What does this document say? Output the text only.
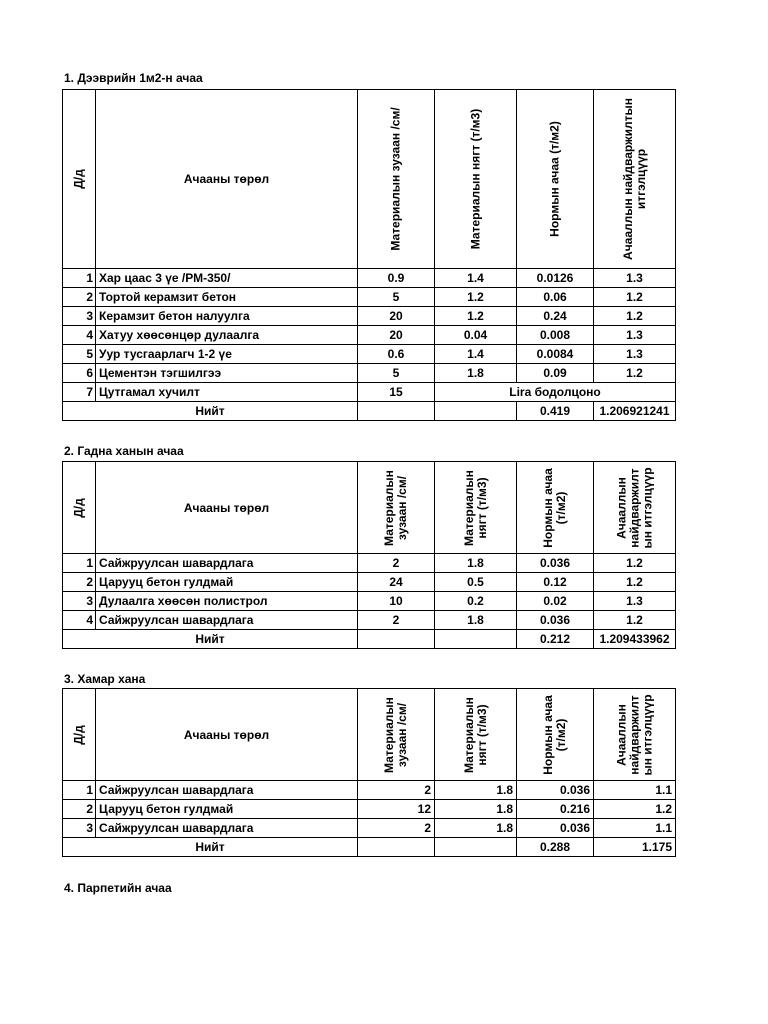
1. Дээврийн 1м2-н ачаа
Д/д	Ачааны төрөл	Материалын зузаан /см/	Материалын нягт (т/м3)	Нормын ачаа (т/м2)	Ачааллын найдваржилтын итгэлцүүр

1	Хар цаас 3 үе /РМ-350/	0.9	1.4	0.0126	1.3
2	Тортой керамзит бетон	5	1.2	0.06	1.2
3	Керамзит бетон налуулга	20	1.2	0.24	1.2
4	Хатуу хөөсөнцөр дулаалга	20	0.04	0.008	1.3
5	Уур тусгаарлагч 1-2 үе	0.6	1.4	0.0084	1.3
6	Цементэн тэгшилгээ	5	1.8	0.09	1.2
7	Цутгамал хучилт	15	Lira бодолцоно		
Нийт				0.419	1.206921241
2. Гадна ханын ачаа
Д/д	Ачааны төрөл	Материалын зузаан /см/	Материалын нягт (т/м3)	Нормын ачаа (т/м2)	Ачааллын найдваржилт ын итгэлцүүр

1	Сайжруулсан шавардлага	2	1.8	0.036	1.2
2	Царууц бетон гулдмай	24	0.5	0.12	1.2
3	Дулаалга хөөсөн полистрол	10	0.2	0.02	1.3
4	Сайжруулсан шавардлага	2	1.8	0.036	1.2
Нийт				0.212	1.209433962
3. Хамар хана
Д/д	Ачааны төрөл	Материалын зузаан /см/	Материалын нягт (т/м3)	Нормын ачаа (т/м2)	Ачааллын найдваржилт ын итгэлцүүр

1	Сайжруулсан шавардлага	2	1.8	0.036	1.1
2	Царууц бетон гулдмай	12	1.8	0.216	1.2
3	Сайжруулсан шавардлага	2	1.8	0.036	1.1
Нийт				0.288	1.175
4. Парпетийн ачаа
